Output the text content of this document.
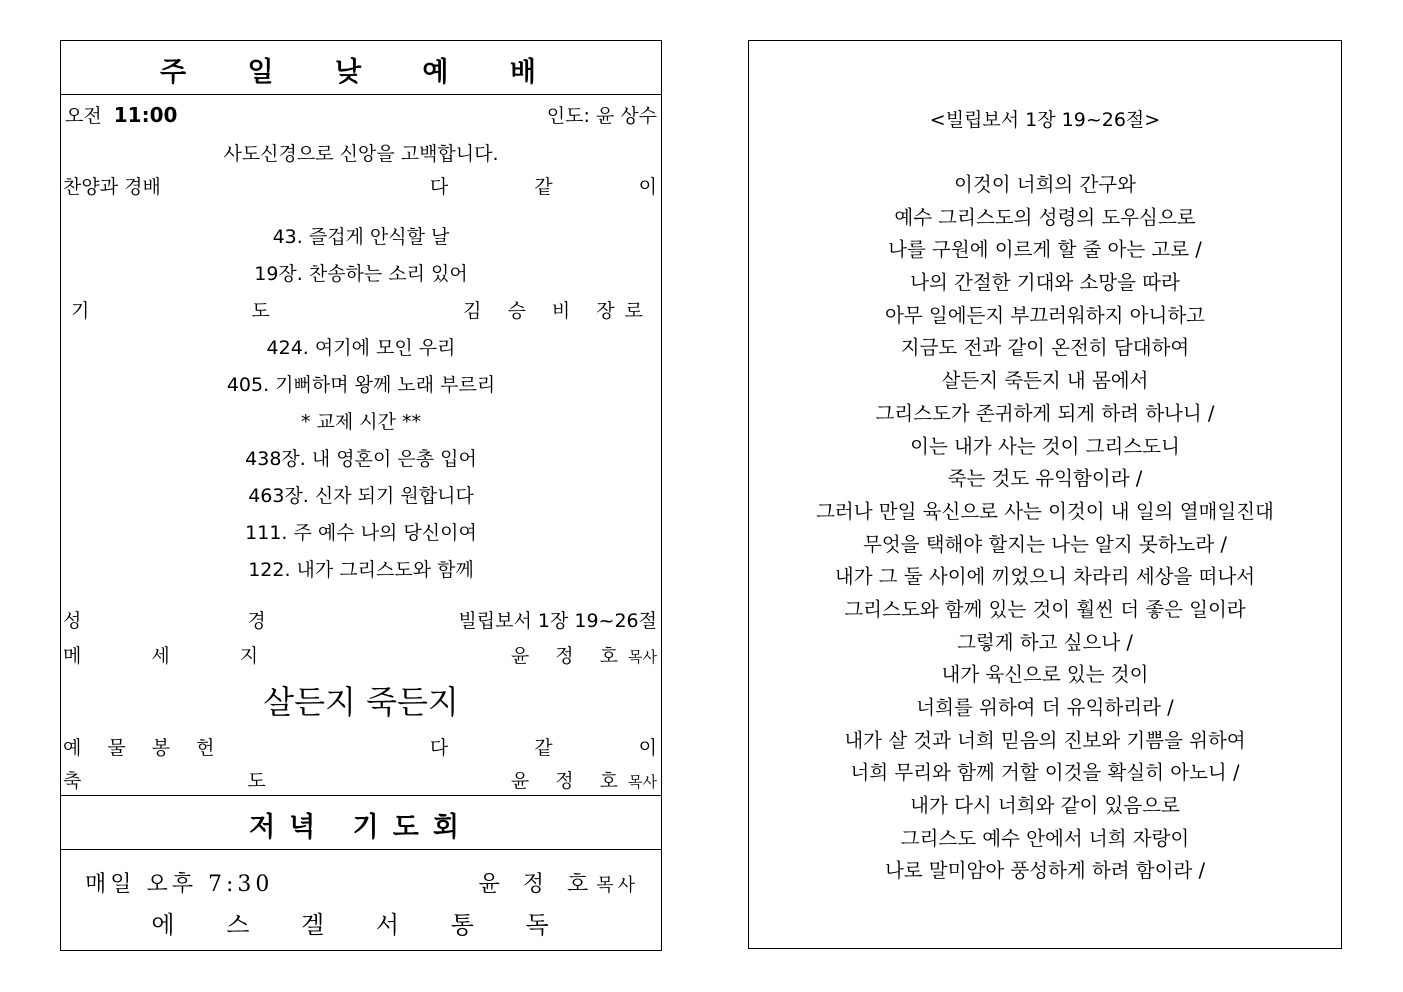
주 일 낮 예 배
오전 11:00	인도: 윤 상수
사도신경으로 신앙을 고백합니다.
찬양과 경배	다 같 이
43. 즐겁게 안식할 날
19장. 찬송하는 소리 있어
기 도	김 승 비 장로
424. 여기에 모인 우리
405. 기뻐하며 왕께 노래 부르리
* 교제 시간 **
438장. 내 영혼이 은총 입어
463장. 신자 되기 원합니다
111. 주 예수 나의 당신이여
122. 내가 그리스도와 함께
성 경	빌립보서 1장 19~26절
메 세 지	윤 정 호목사
살든지 죽든지
예 물 봉 헌	다 같 이
축 도	윤 정 호목사
저녁 기도회
매일 오후 7:30	윤 정 호목사
에 스 겔 서 통 독
<빌립보서 1장 19~26절>
이것이 너희의 간구와
예수 그리스도의 성령의 도우심으로
나를 구원에 이르게 할 줄 아는 고로 /
나의 간절한 기대와 소망을 따라
아무 일에든지 부끄러워하지 아니하고
지금도 전과 같이 온전히 담대하여
살든지 죽든지 내 몸에서
그리스도가 존귀하게 되게 하려 하나니 /
이는 내가 사는 것이 그리스도니
죽는 것도 유익함이라 /
그러나 만일 육신으로 사는 이것이 내 일의 열매일진대
무엇을 택해야 할지는 나는 알지 못하노라 /
내가 그 둘 사이에 끼었으니 차라리 세상을 떠나서
그리스도와 함께 있는 것이 훨씬 더 좋은 일이라
그렇게 하고 싶으나 /
내가 육신으로 있는 것이
너희를 위하여 더 유익하리라 /
내가 살 것과 너희 믿음의 진보와 기쁨을 위하여
너희 무리와 함께 거할 이것을 확실히 아노니 /
내가 다시 너희와 같이 있음으로
그리스도 예수 안에서 너희 자랑이
나로 말미암아 풍성하게 하려 함이라 /
